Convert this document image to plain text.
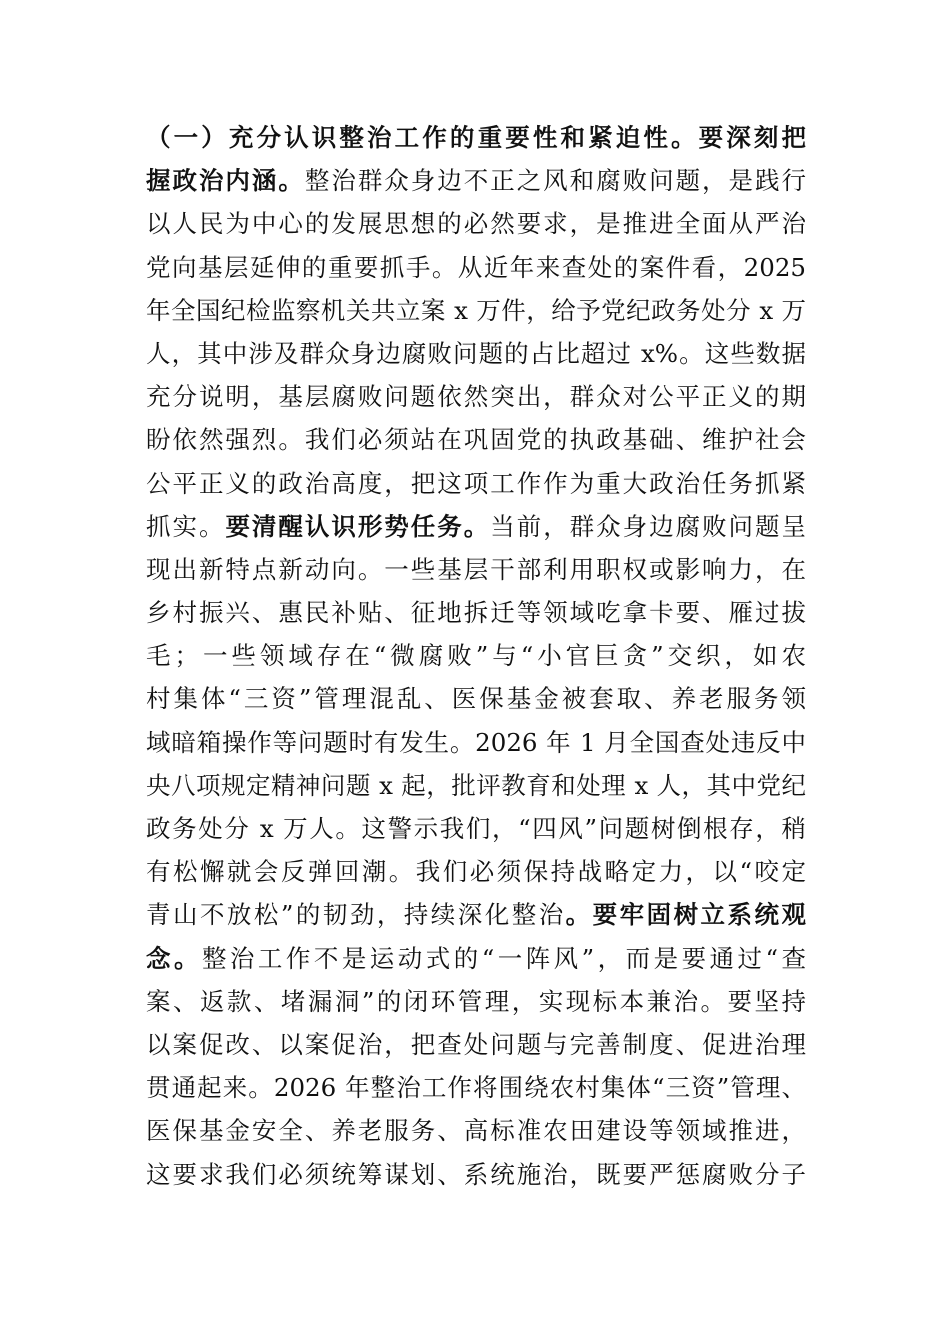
（一）充分认识整治工作的重要性和紧迫性。要深刻把
握政治内涵。整治群众身边不正之风和腐败问题，是践行
以人民为中心的发展思想的必然要求，是推进全面从严治
党向基层延伸的重要抓手。从近年来查处的案件看，2025
年全国纪检监察机关共立案 x 万件，给予党纪政务处分 x 万
人，其中涉及群众身边腐败问题的占比超过 x%。这些数据
充分说明，基层腐败问题依然突出，群众对公平正义的期
盼依然强烈。我们必须站在巩固党的执政基础、维护社会
公平正义的政治高度，把这项工作作为重大政治任务抓紧
抓实。要清醒认识形势任务。当前，群众身边腐败问题呈
现出新特点新动向。一些基层干部利用职权或影响力，在
乡村振兴、惠民补贴、征地拆迁等领域吃拿卡要、雁过拔
毛；一些领域存在“微腐败”与“小官巨贪”交织，如农
村集体“三资”管理混乱、医保基金被套取、养老服务领
域暗箱操作等问题时有发生。2026 年 1 月全国查处违反中
央八项规定精神问题 x 起，批评教育和处理 x 人，其中党纪
政务处分 x 万人。这警示我们，“四风”问题树倒根存，稍
有松懈就会反弹回潮。我们必须保持战略定力，以“咬定
青山不放松”的韧劲，持续深化整治。要牢固树立系统观
念。整治工作不是运动式的“一阵风”，而是要通过“查
案、返款、堵漏洞”的闭环管理，实现标本兼治。要坚持
以案促改、以案促治，把查处问题与完善制度、促进治理
贯通起来。2026 年整治工作将围绕农村集体“三资”管理、
医保基金安全、养老服务、高标准农田建设等领域推进，
这要求我们必须统筹谋划、系统施治，既要严惩腐败分子
